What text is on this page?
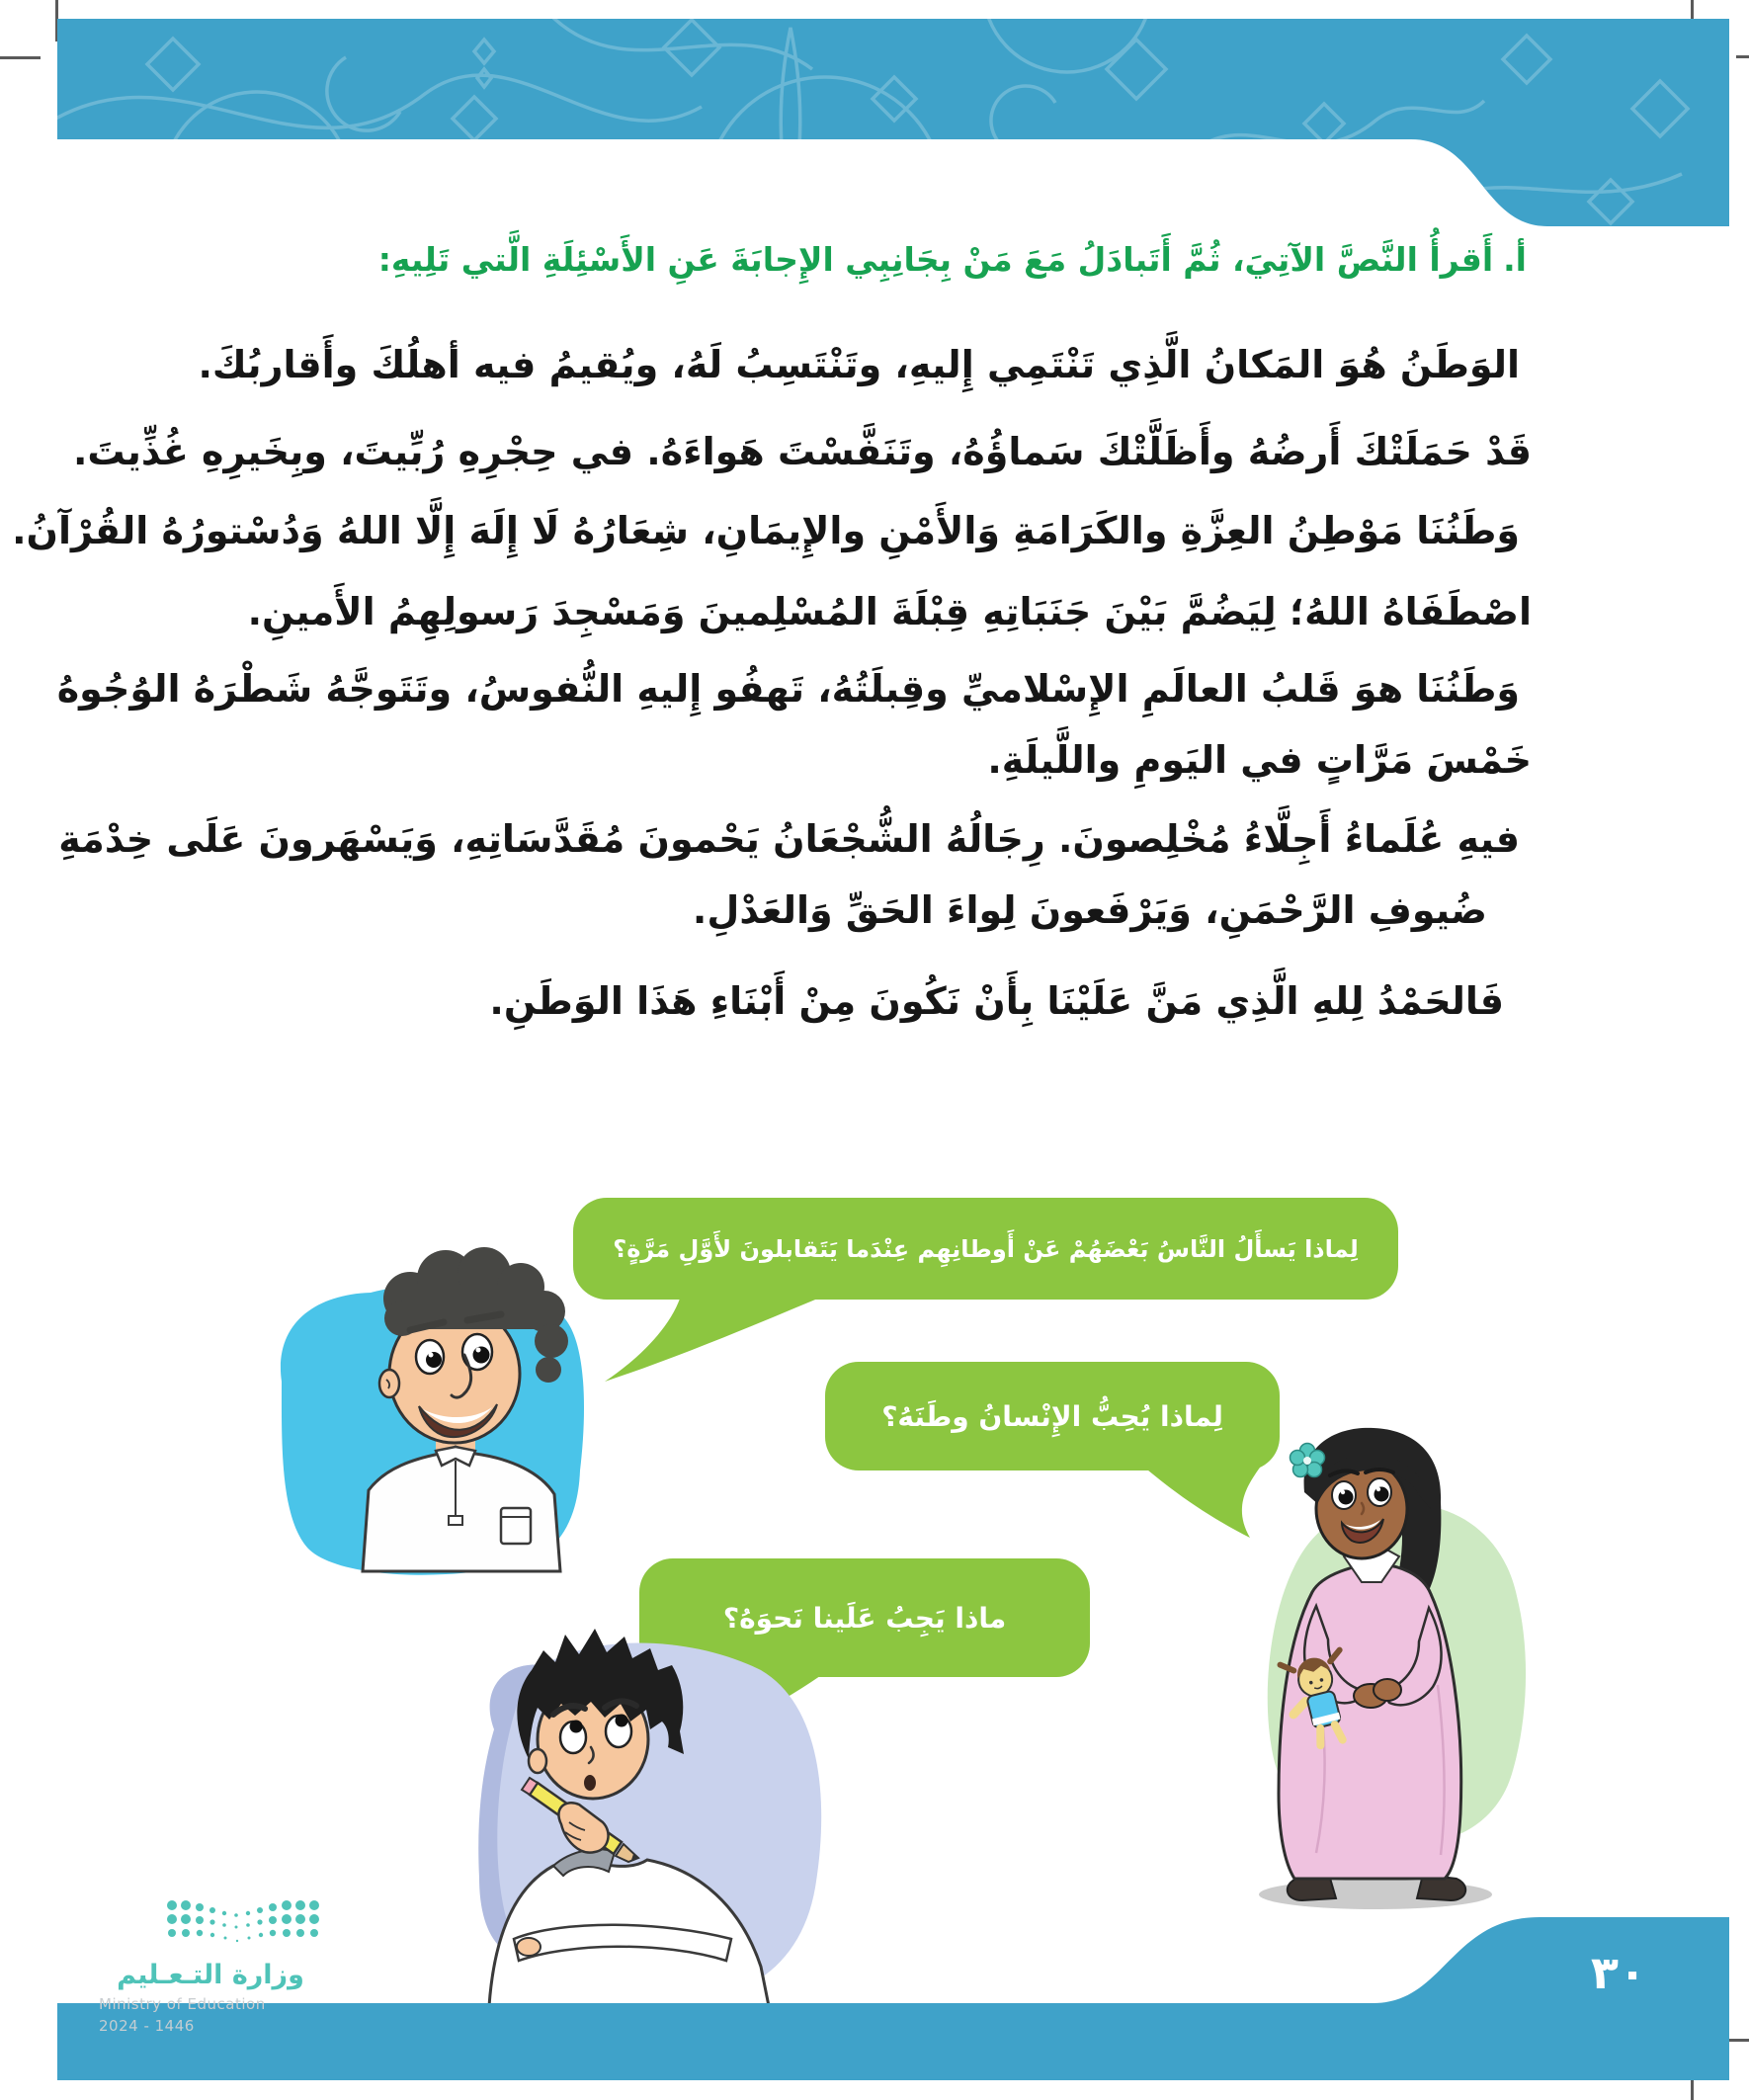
أ.أَقرأُ النَّصَّ الآتِيَ، ثُمَّ أَتَبادَلُ مَعَ مَنْ بِجَانِبِي الإِجابَةَ عَنِ الأَسْئِلَةِ الَّتي تَلِيهِ:
الوَطَنُ هُوَ المَكانُ الَّذِي تَنْتَمِي إِليهِ، وتَنْتَسِبُ لَهُ، ويُقيمُ فيه أهلُكَ وأَقاربُكَ.
قَدْ حَمَلَتْكَ أَرضُهُ وأَظَلَّتْكَ سَماؤُهُ، وتَنَفَّسْتَ هَواءَهُ. في حِجْرِهِ رُبِّيتَ، وبِخَيرِهِ غُذِّيتَ.
وَطَنُنَا مَوْطِنُ العِزَّةِ والكَرَامَةِ وَالأَمْنِ والإِيمَانِ، شِعَارُهُ لَا إِلَهَ إِلَّا اللهُ وَدُسْتورُهُ القُرْآنُ.
اصْطَفَاهُ اللهُ؛ لِيَضُمَّ بَيْنَ جَنَبَاتِهِ قِبْلَةَ المُسْلِمينَ وَمَسْجِدَ رَسولِهِمُ الأَمينِ.
وَطَنُنَا هوَ قَلبُ العالَمِ الإِسْلاميِّ وقِبلَتُهُ، تَهفُو إِليهِ النُّفوسُ، وتَتَوجَّهُ شَطْرَهُ الوُجُوهُ
خَمْسَ مَرَّاتٍ في اليَومِ واللَّيلَةِ.
فيهِ عُلَماءُ أَجِلَّاءُ مُخْلِصونَ. رِجَالُهُ الشُّجْعَانُ يَحْمونَ مُقَدَّسَاتِهِ، وَيَسْهَرونَ عَلَى خِدْمَةِ
ضُيوفِ الرَّحْمَنِ، وَيَرْفَعونَ لِواءَ الحَقِّ وَالعَدْلِ.
فَالحَمْدُ لِلهِ الَّذِي مَنَّ عَلَيْنَا بِأَنْ نَكُونَ مِنْ أَبْنَاءِ هَذَا الوَطَنِ.
لِماذا يَسأَلُ النَّاسُ بَعْضَهُمْ عَنْ أَوطانِهِم عِنْدَما يَتَقابلونَ لأَوَّلِ مَرَّةٍ؟
لِماذا يُحِبُّ الإِنْسانُ وطَنَهُ؟
ماذا يَجِبُ عَلَينا نَحوَهُ؟
٣٠
وزارة التـعـليم
Ministry of Education
2024 - 1446
